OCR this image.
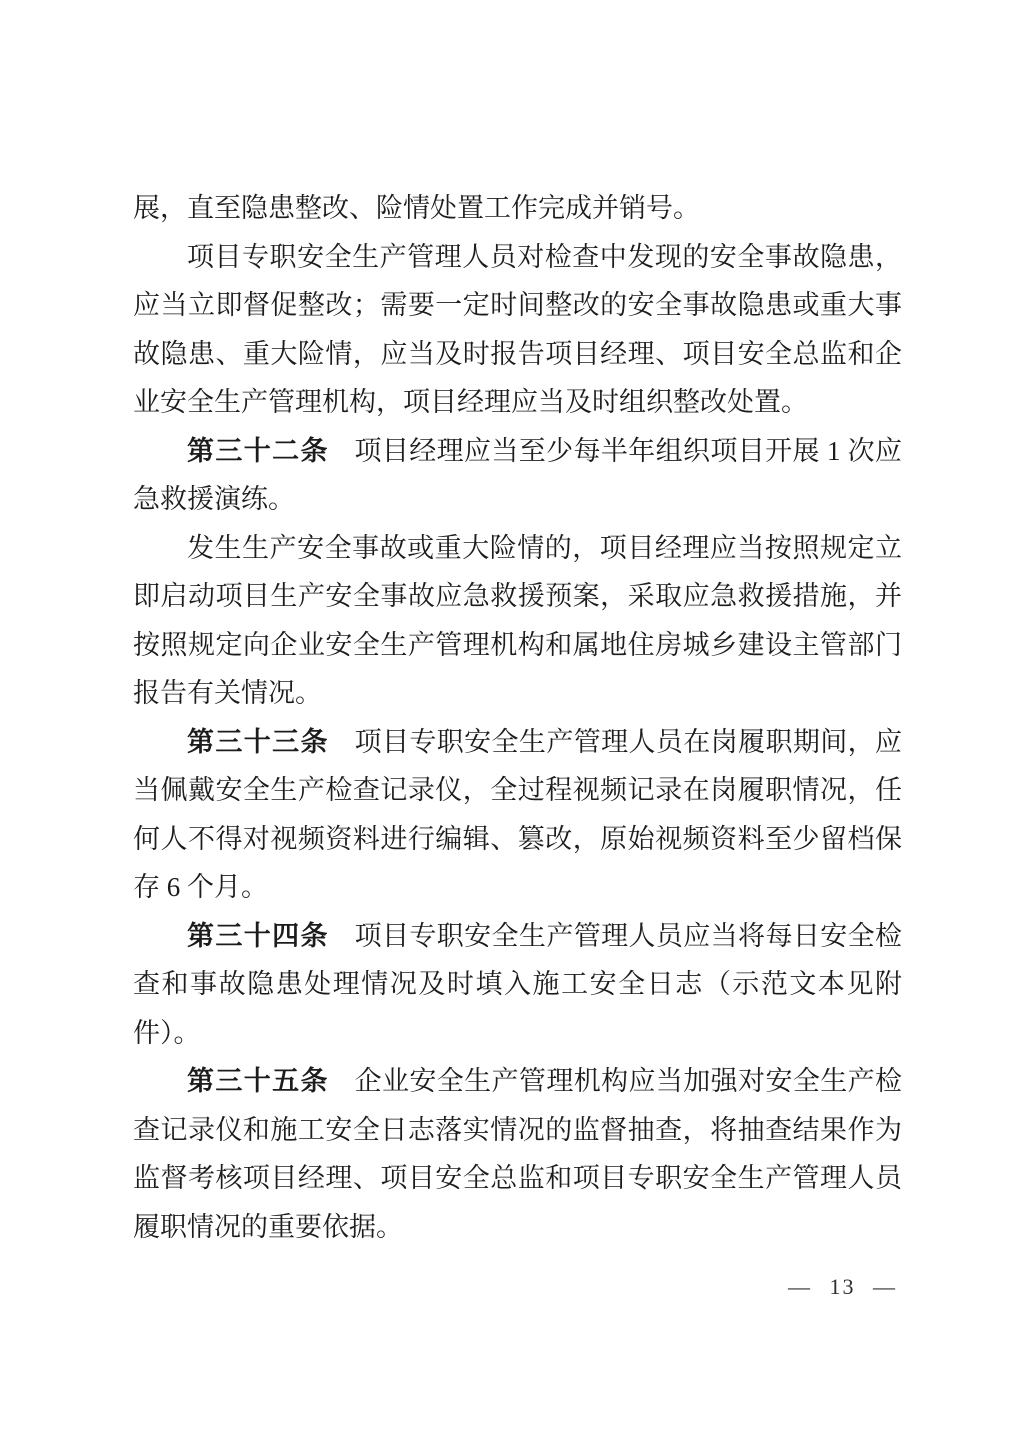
展，直至隐患整改、险情处置工作完成并销号。

项目专职安全生产管理人员对检查中发现的安全事故隐患，应当立即督促整改；需要一定时间整改的安全事故隐患或重大事故隐患、重大险情，应当及时报告项目经理、项目安全总监和企业安全生产管理机构，项目经理应当及时组织整改处置。

第三十二条 项目经理应当至少每半年组织项目开展 1 次应急救援演练。

发生生产安全事故或重大险情的，项目经理应当按照规定立即启动项目生产安全事故应急救援预案，采取应急救援措施，并按照规定向企业安全生产管理机构和属地住房城乡建设主管部门报告有关情况。

第三十三条 项目专职安全生产管理人员在岗履职期间，应当佩戴安全生产检查记录仪，全过程视频记录在岗履职情况，任何人不得对视频资料进行编辑、篡改，原始视频资料至少留档保存 6 个月。

第三十四条 项目专职安全生产管理人员应当将每日安全检查和事故隐患处理情况及时填入施工安全日志（示范文本见附件）。

第三十五条 企业安全生产管理机构应当加强对安全生产检查记录仪和施工安全日志落实情况的监督抽查，将抽查结果作为监督考核项目经理、项目安全总监和项目专职安全生产管理人员履职情况的重要依据。

— 13 —
